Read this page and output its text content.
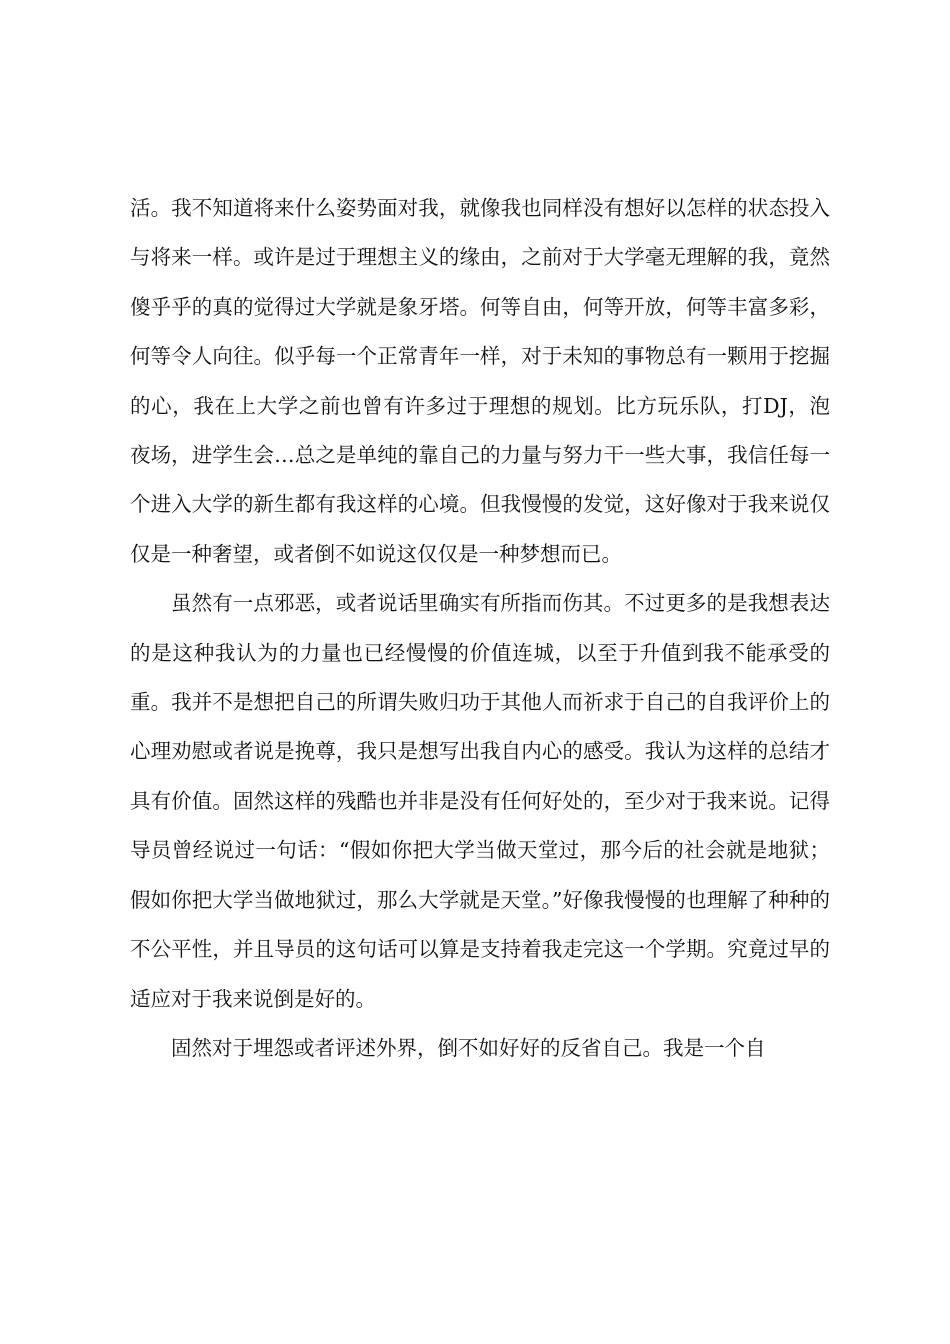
活。我不知道将来什么姿势面对我，就像我也同样没有想好以怎样的状态投入与将来一样。或许是过于理想主义的缘由，之前对于大学毫无理解的我，竟然傻乎乎的真的觉得过大学就是象牙塔。何等自由，何等开放，何等丰富多彩，何等令人向往。似乎每一个正常青年一样，对于未知的事物总有一颗用于挖掘的心，我在上大学之前也曾有许多过于理想的规划。比方玩乐队，打DJ，泡夜场，进学生会…总之是单纯的靠自己的力量与努力干一些大事，我信任每一个进入大学的新生都有我这样的心境。但我慢慢的发觉，这好像对于我来说仅仅是一种奢望，或者倒不如说这仅仅是一种梦想而已。

虽然有一点邪恶，或者说话里确实有所指而伤其。不过更多的是我想表达的是这种我认为的力量也已经慢慢的价值连城，以至于升值到我不能承受的重。我并不是想把自己的所谓失败归功于其他人而祈求于自己的自我评价上的心理劝慰或者说是挽尊，我只是想写出我自内心的感受。我认为这样的总结才具有价值。固然这样的残酷也并非是没有任何好处的，至少对于我来说。记得导员曾经说过一句话：“假如你把大学当做天堂过，那今后的社会就是地狱；假如你把大学当做地狱过，那么大学就是天堂。”好像我慢慢的也理解了种种的不公平性，并且导员的这句话可以算是支持着我走完这一个学期。究竟过早的适应对于我来说倒是好的。

固然对于埋怨或者评述外界，倒不如好好的反省自己。我是一个自
